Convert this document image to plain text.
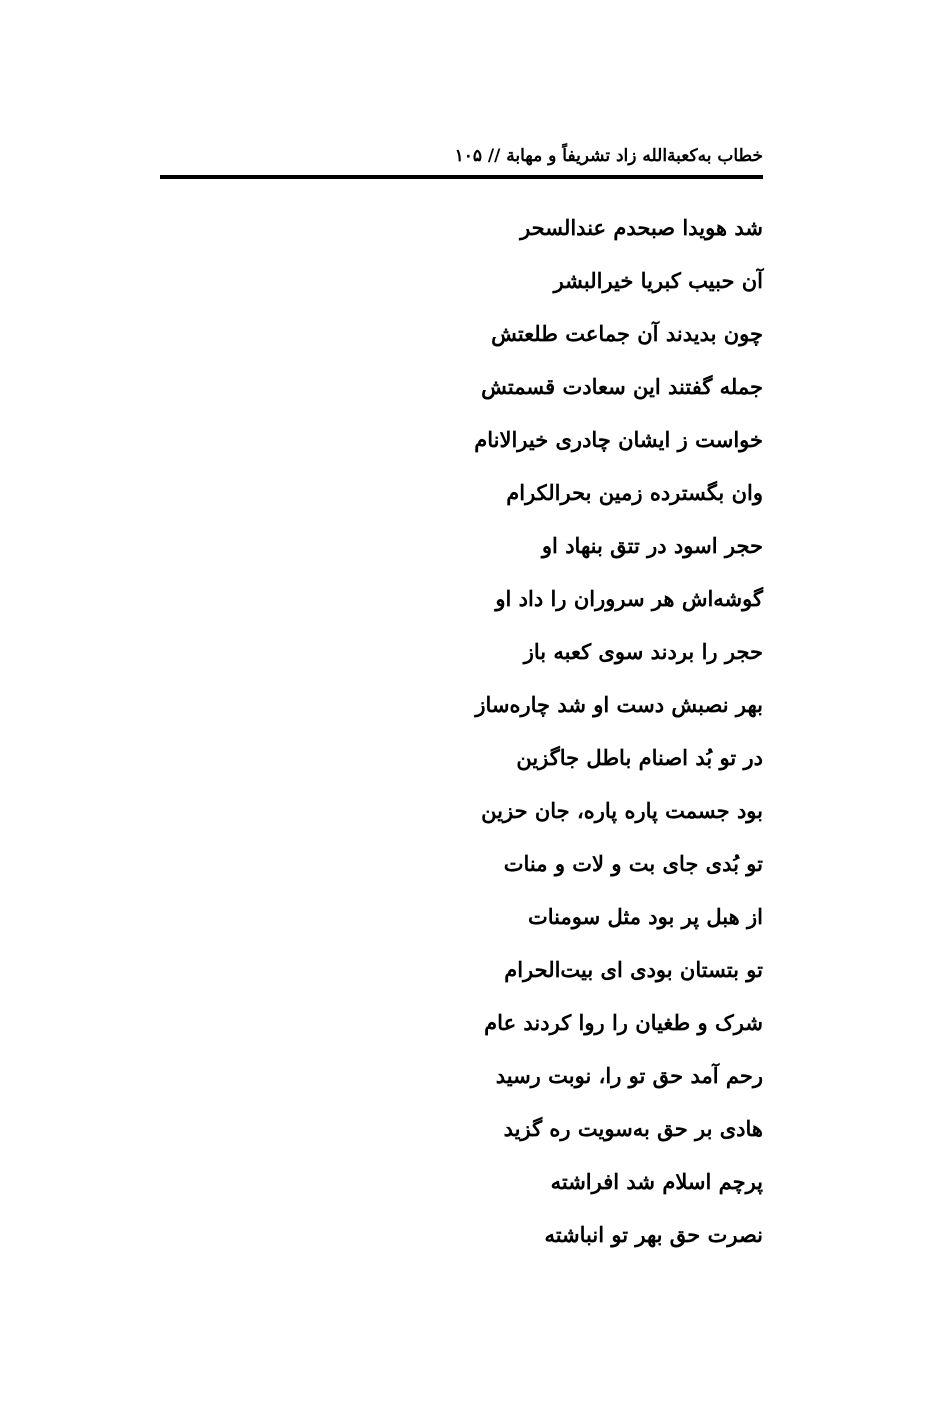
خطاب به‌کعبةالله زاد تشریفاً و مهابة // ۱۰۵
شد هویدا صبحدم عندالسحر
آن حبیب کبریا خیرالبشر
چون بدیدند آن جماعت طلعتش
جمله گفتند این سعادت قسمتش
خواست ز ایشان چادری خیرالانام
وان بگسترده زمین بحرالکرام
حجر اسود در تتق بنهاد او
گوشه‌اش هر سروران را داد او
حجر را بردند سوی کعبه باز
بهر نصبش دست او شد چاره‌ساز
در تو بُد اصنام باطل جاگزین
بود جسمت پاره پاره، جان حزین
تو بُدی جای بت و لات و منات
از هبل پر بود مثل سومنات
تو بتستان بودی ای بیت‌الحرام
شرک و طغیان را روا کردند عام
رحم آمد حق تو را، نوبت رسید
هادی بر حق به‌سویت ره گزید
پرچم اسلام شد افراشته
نصرت حق بهر تو انباشته
